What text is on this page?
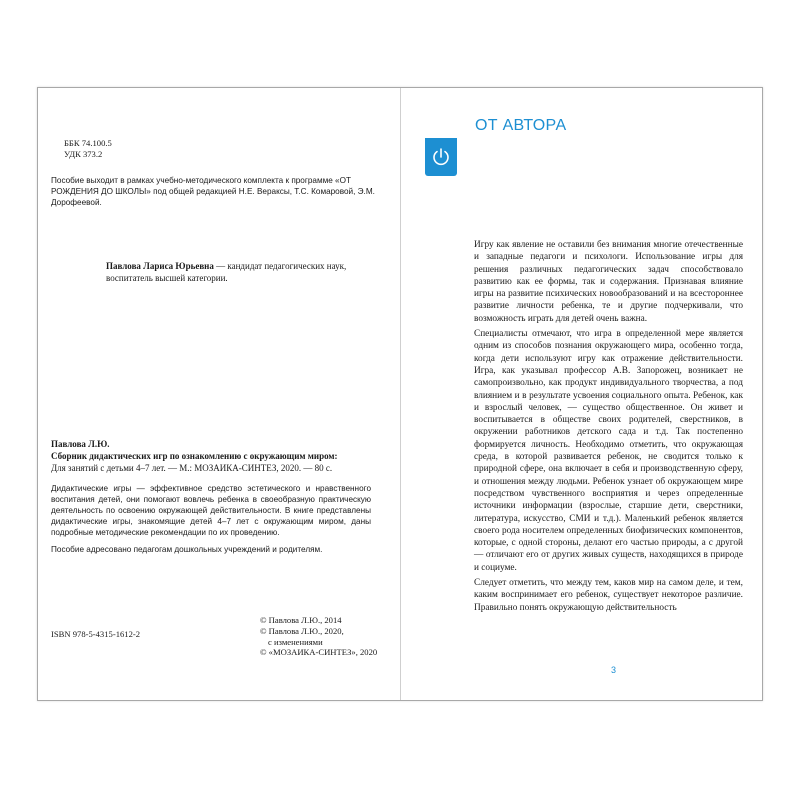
ББК 74.100.5
УДК 373.2
Пособие выходит в рамках учебно-методического комплекта к программе «ОТ РОЖДЕНИЯ ДО ШКОЛЫ» под общей редакцией Н.Е. Вераксы, Т.С. Комаровой, Э.М. Дорофеевой.
Павлова Лариса Юрьевна — кандидат педагогических наук, воспитатель высшей категории.
Павлова Л.Ю.
Сборник дидактических игр по ознакомлению с окружающим миром:
Для занятий с детьми 4–7 лет. — М.: МОЗАИКА-СИНТЕЗ, 2020. — 80 с.
Дидактические игры — эффективное средство эстетического и нравственного воспитания детей, они помогают вовлечь ребенка в своеобразную практическую деятельность по освоению окружающей действительности. В книге представлены дидактические игры, знакомящие детей 4–7 лет с окружающим миром, даны подробные методические рекомендации по их проведению.
Пособие адресовано педагогам дошкольных учреждений и родителям.
ISBN 978-5-4315-1612-2
© Павлова Л.Ю., 2014
© Павлова Л.Ю., 2020,
с изменениями
© «МОЗАИКА-СИНТЕЗ», 2020
ОТ АВТОРА

Игру как явление не оставили без внимания многие отечественные и западные педагоги и психологи. Использование игры для решения различных педагогических задач способствовало развитию как ее формы, так и содержания. Признавая влияние игры на развитие психических новообразований и на всестороннее развитие личности ребенка, те и другие подчеркивали, что возможность играть для детей очень важна.

Специалисты отмечают, что игра в определенной мере является одним из способов познания окружающего мира, особенно тогда, когда дети используют игру как отражение действительности. Игра, как указывал профессор А.В. Запорожец, возникает не самопроизвольно, как продукт индивидуального творчества, а под влиянием и в результате усвоения социального опыта. Ребенок, как и взрослый человек, — существо общественное. Он живет и воспитывается в обществе своих родителей, сверстников, в окружении работников детского сада и т.д. Так постепенно формируется личность. Необходимо отметить, что окружающая среда, в которой развивается ребенок, не сводится только к природной сфере, она включает в себя и производственную сферу, и отношения между людьми. Ребенок узнает об окружающем мире посредством чувственного восприятия и через определенные источники информации (взрослые, старшие дети, сверстники, литература, искусство, СМИ и т.д.). Маленький ребенок является своего рода носителем определенных биофизических компонентов, которые, с одной стороны, делают его частью природы, а с другой — отличают его от других живых существ, находящихся в природе и социуме.

Следует отметить, что между тем, каков мир на самом деле, и тем, каким воспринимает его ребенок, существует некоторое различие. Правильно понять окружающую действительность

3
